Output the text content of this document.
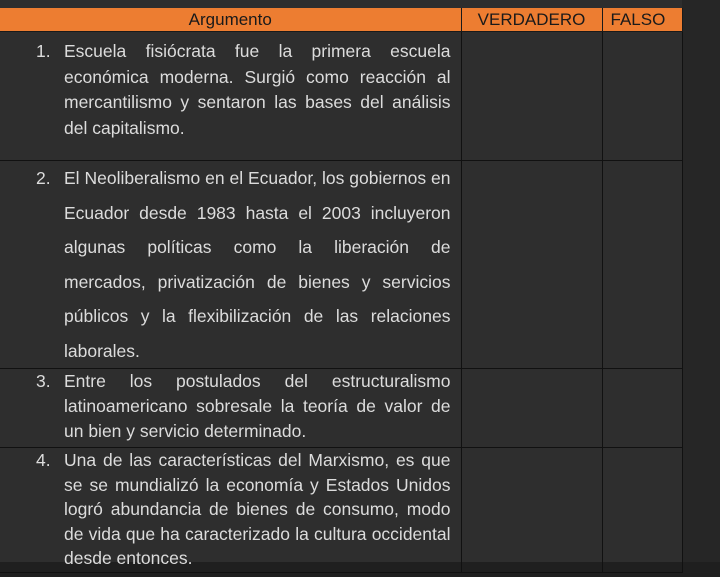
Argumento	VERDADERO	FALSO
1. Escuela fisiócrata fue la primera escuela económica moderna. Surgió como reacción al mercantilismo y sentaron las bases del análisis del capitalismo.		
2. El Neoliberalismo en el Ecuador, los gobiernos en Ecuador desde 1983 hasta el 2003 incluyeron algunas políticas como la liberación de mercados, privatización de bienes y servicios públicos y la flexibilización de las relaciones laborales.		
3. Entre los postulados del estructuralismo latinoamericano sobresale la teoría de valor de un bien y servicio determinado.		
4. Una de las características del Marxismo, es que se se mundializó la economía y Estados Unidos logró abundancia de bienes de consumo, modo de vida que ha caracterizado la cultura occidental desde entonces.		
